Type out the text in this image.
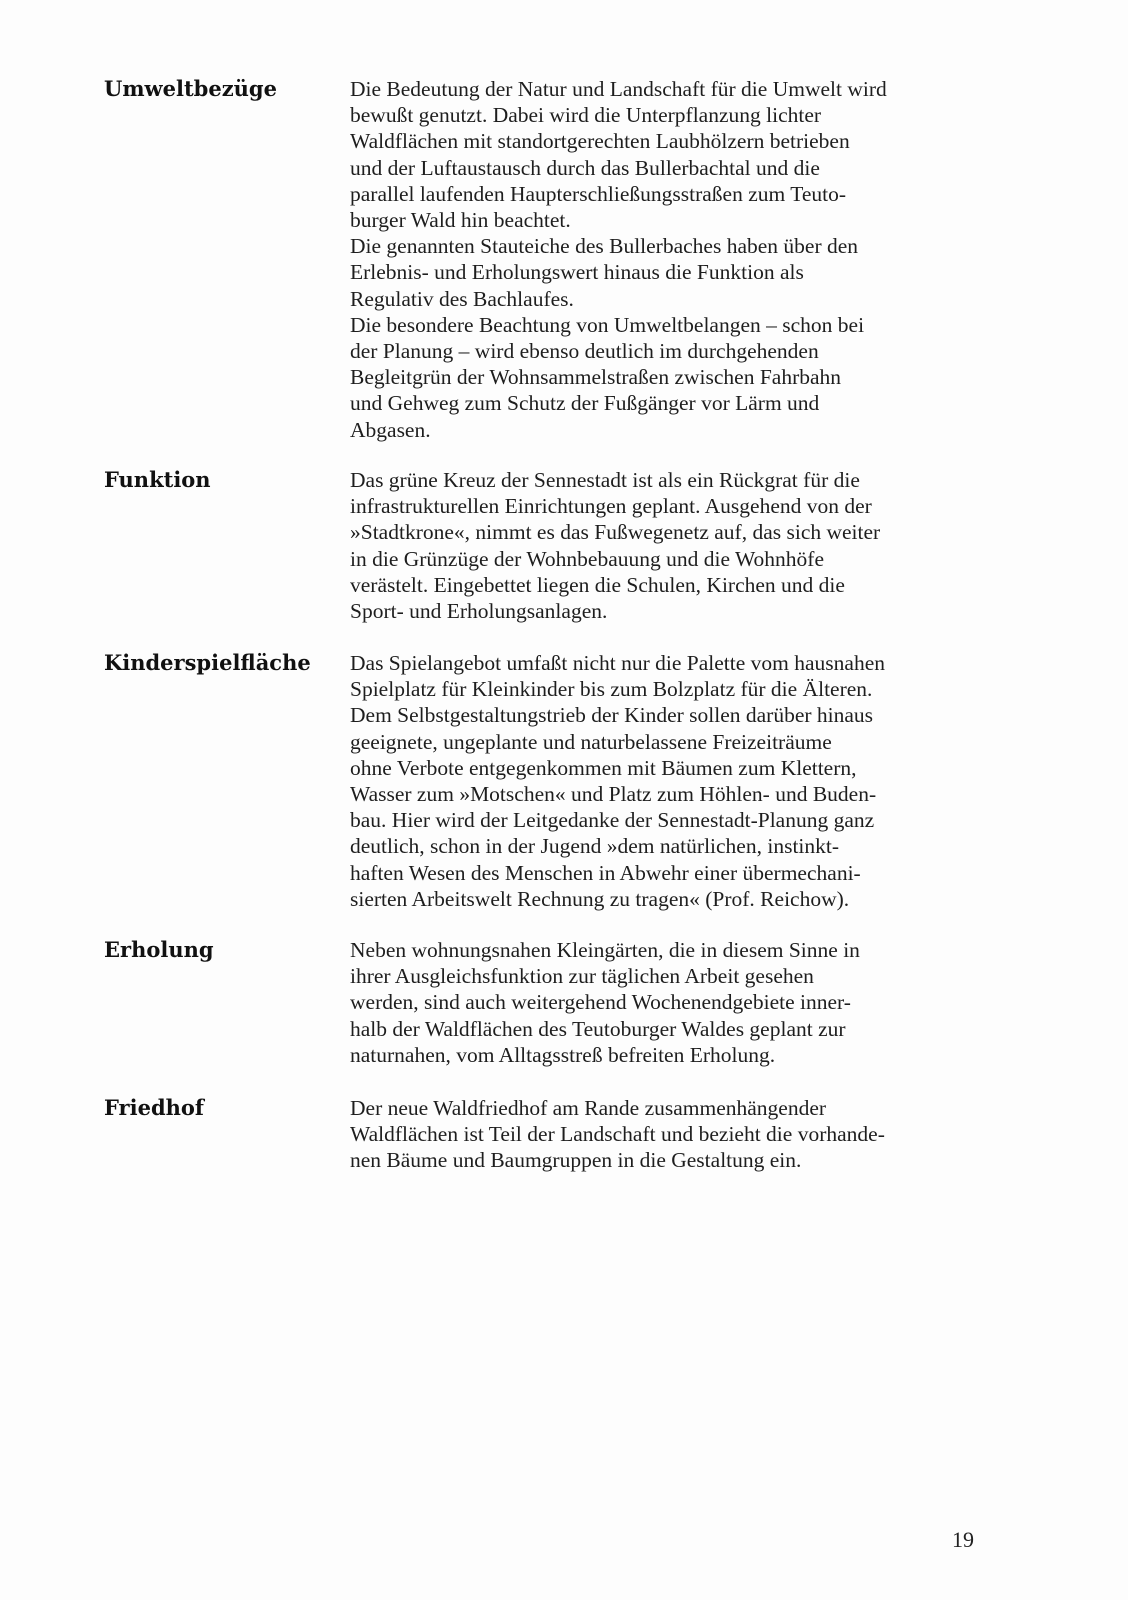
Umweltbezüge	Die Bedeutung der Natur und Landschaft für die Umwelt wird
bewußt genutzt. Dabei wird die Unterpflanzung lichter
Waldflächen mit standortgerechten Laubhölzern betrieben
und der Luftaustausch durch das Bullerbachtal und die
parallel laufenden Haupterschließungsstraßen zum Teuto-
burger Wald hin beachtet.
Die genannten Stauteiche des Bullerbaches haben über den
Erlebnis- und Erholungswert hinaus die Funktion als
Regulativ des Bachlaufes.
Die besondere Beachtung von Umweltbelangen – schon bei
der Planung – wird ebenso deutlich im durchgehenden
Begleitgrün der Wohnsammelstraßen zwischen Fahrbahn
und Gehweg zum Schutz der Fußgänger vor Lärm und
Abgasen.
Funktion	Das grüne Kreuz der Sennestadt ist als ein Rückgrat für die
infrastrukturellen Einrichtungen geplant. Ausgehend von der
»Stadtkrone«, nimmt es das Fußwegenetz auf, das sich weiter
in die Grünzüge der Wohnbebauung und die Wohnhöfe
verästelt. Eingebettet liegen die Schulen, Kirchen und die
Sport- und Erholungsanlagen.
Kinderspielfläche	Das Spielangebot umfaßt nicht nur die Palette vom hausnahen
Spielplatz für Kleinkinder bis zum Bolzplatz für die Älteren.
Dem Selbstgestaltungstrieb der Kinder sollen darüber hinaus
geeignete, ungeplante und naturbelassene Freizeiträume
ohne Verbote entgegenkommen mit Bäumen zum Klettern,
Wasser zum »Motschen« und Platz zum Höhlen- und Buden-
bau. Hier wird der Leitgedanke der Sennestadt-Planung ganz
deutlich, schon in der Jugend »dem natürlichen, instinkt-
haften Wesen des Menschen in Abwehr einer übermechani-
sierten Arbeitswelt Rechnung zu tragen« (Prof. Reichow).
Erholung	Neben wohnungsnahen Kleingärten, die in diesem Sinne in
ihrer Ausgleichsfunktion zur täglichen Arbeit gesehen
werden, sind auch weitergehend Wochenendgebiete inner-
halb der Waldflächen des Teutoburger Waldes geplant zur
naturnahen, vom Alltagsstreß befreiten Erholung.
Friedhof	Der neue Waldfriedhof am Rande zusammenhängender
Waldflächen ist Teil der Landschaft und bezieht die vorhande-
nen Bäume und Baumgruppen in die Gestaltung ein.
19
